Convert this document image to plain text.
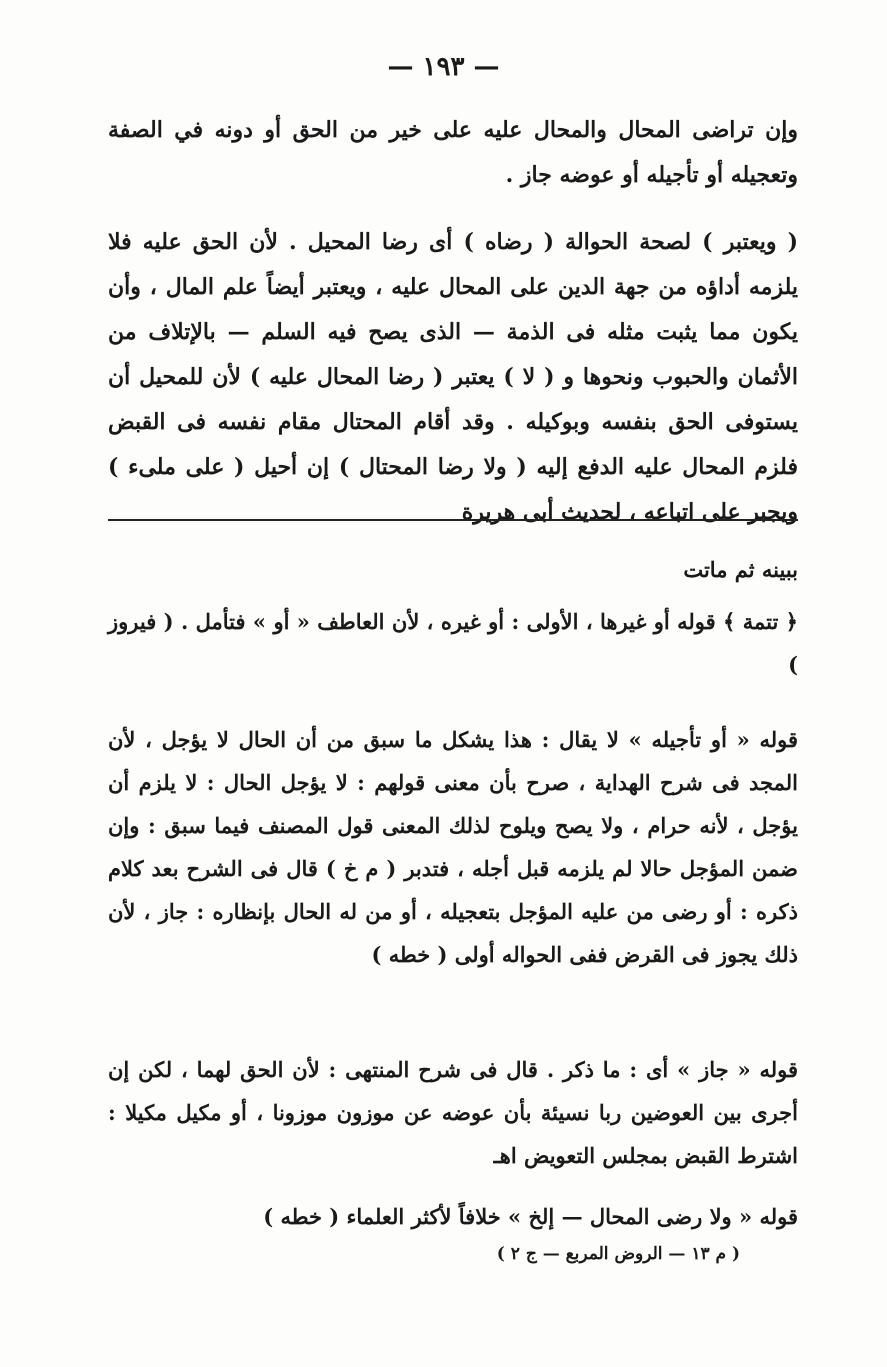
— ١٩٣ —

وإن تراضى المحال والمحال عليه على خير من الحق أو دونه في الصفة وتعجيله أو تأجيله أو عوضه جاز .

( ويعتبر ) لصحة الحوالة ( رضاه ) أى رضا المحيل . لأن الحق عليه فلا يلزمه أداؤه من جهة الدين على المحال عليه ، ويعتبر أيضاً علم المال ، وأن يكون مما يثبت مثله فى الذمة — الذى يصح فيه السلم — بالإتلاف من الأثمان والحبوب ونحوها و ( لا ) يعتبر ( رضا المحال عليه ) لأن للمحيل أن يستوفى الحق بنفسه وبوكيله . وقد أقام المحتال مقام نفسه فى القبض فلزم المحال عليه الدفع إليه ( ولا رضا المحتال ) إن أحيل ( على ملىء ) ويجبر على اتباعه ، لحديث أبى هريرة

ببينه ثم ماتت

﴿ تتمة ﴾ قوله أو غيرها ، الأولى : أو غيره ، لأن العاطف « أو » فتأمل . ( فيروز )

قوله « أو تأجيله » لا يقال : هذا يشكل ما سبق من أن الحال لا يؤجل ، لأن المجد فى شرح الهداية ، صرح بأن معنى قولهم : لا يؤجل الحال : لا يلزم أن يؤجل ، لأنه حرام ، ولا يصح ويلوح لذلك المعنى قول المصنف فيما سبق : وإن ضمن المؤجل حالا لم يلزمه قبل أجله ، فتدبر ( م خ ) قال فى الشرح بعد كلام ذكره : أو رضى من عليه المؤجل بتعجيله ، أو من له الحال بإنظاره : جاز ، لأن ذلك يجوز فى القرض ففى الحواله أولى ( خطه )

قوله « جاز » أى : ما ذكر . قال فى شرح المنتهى : لأن الحق لهما ، لكن إن أجرى بين العوضين ربا نسيئة بأن عوضه عن موزون موزونا ، أو مكيل مكيلا : اشترط القبض بمجلس التعويض اهـ

قوله « ولا رضى المحال — إلخ » خلافاً لأكثر العلماء ( خطه )

( م ١٣ — الروض المربع — ج ٢ )
